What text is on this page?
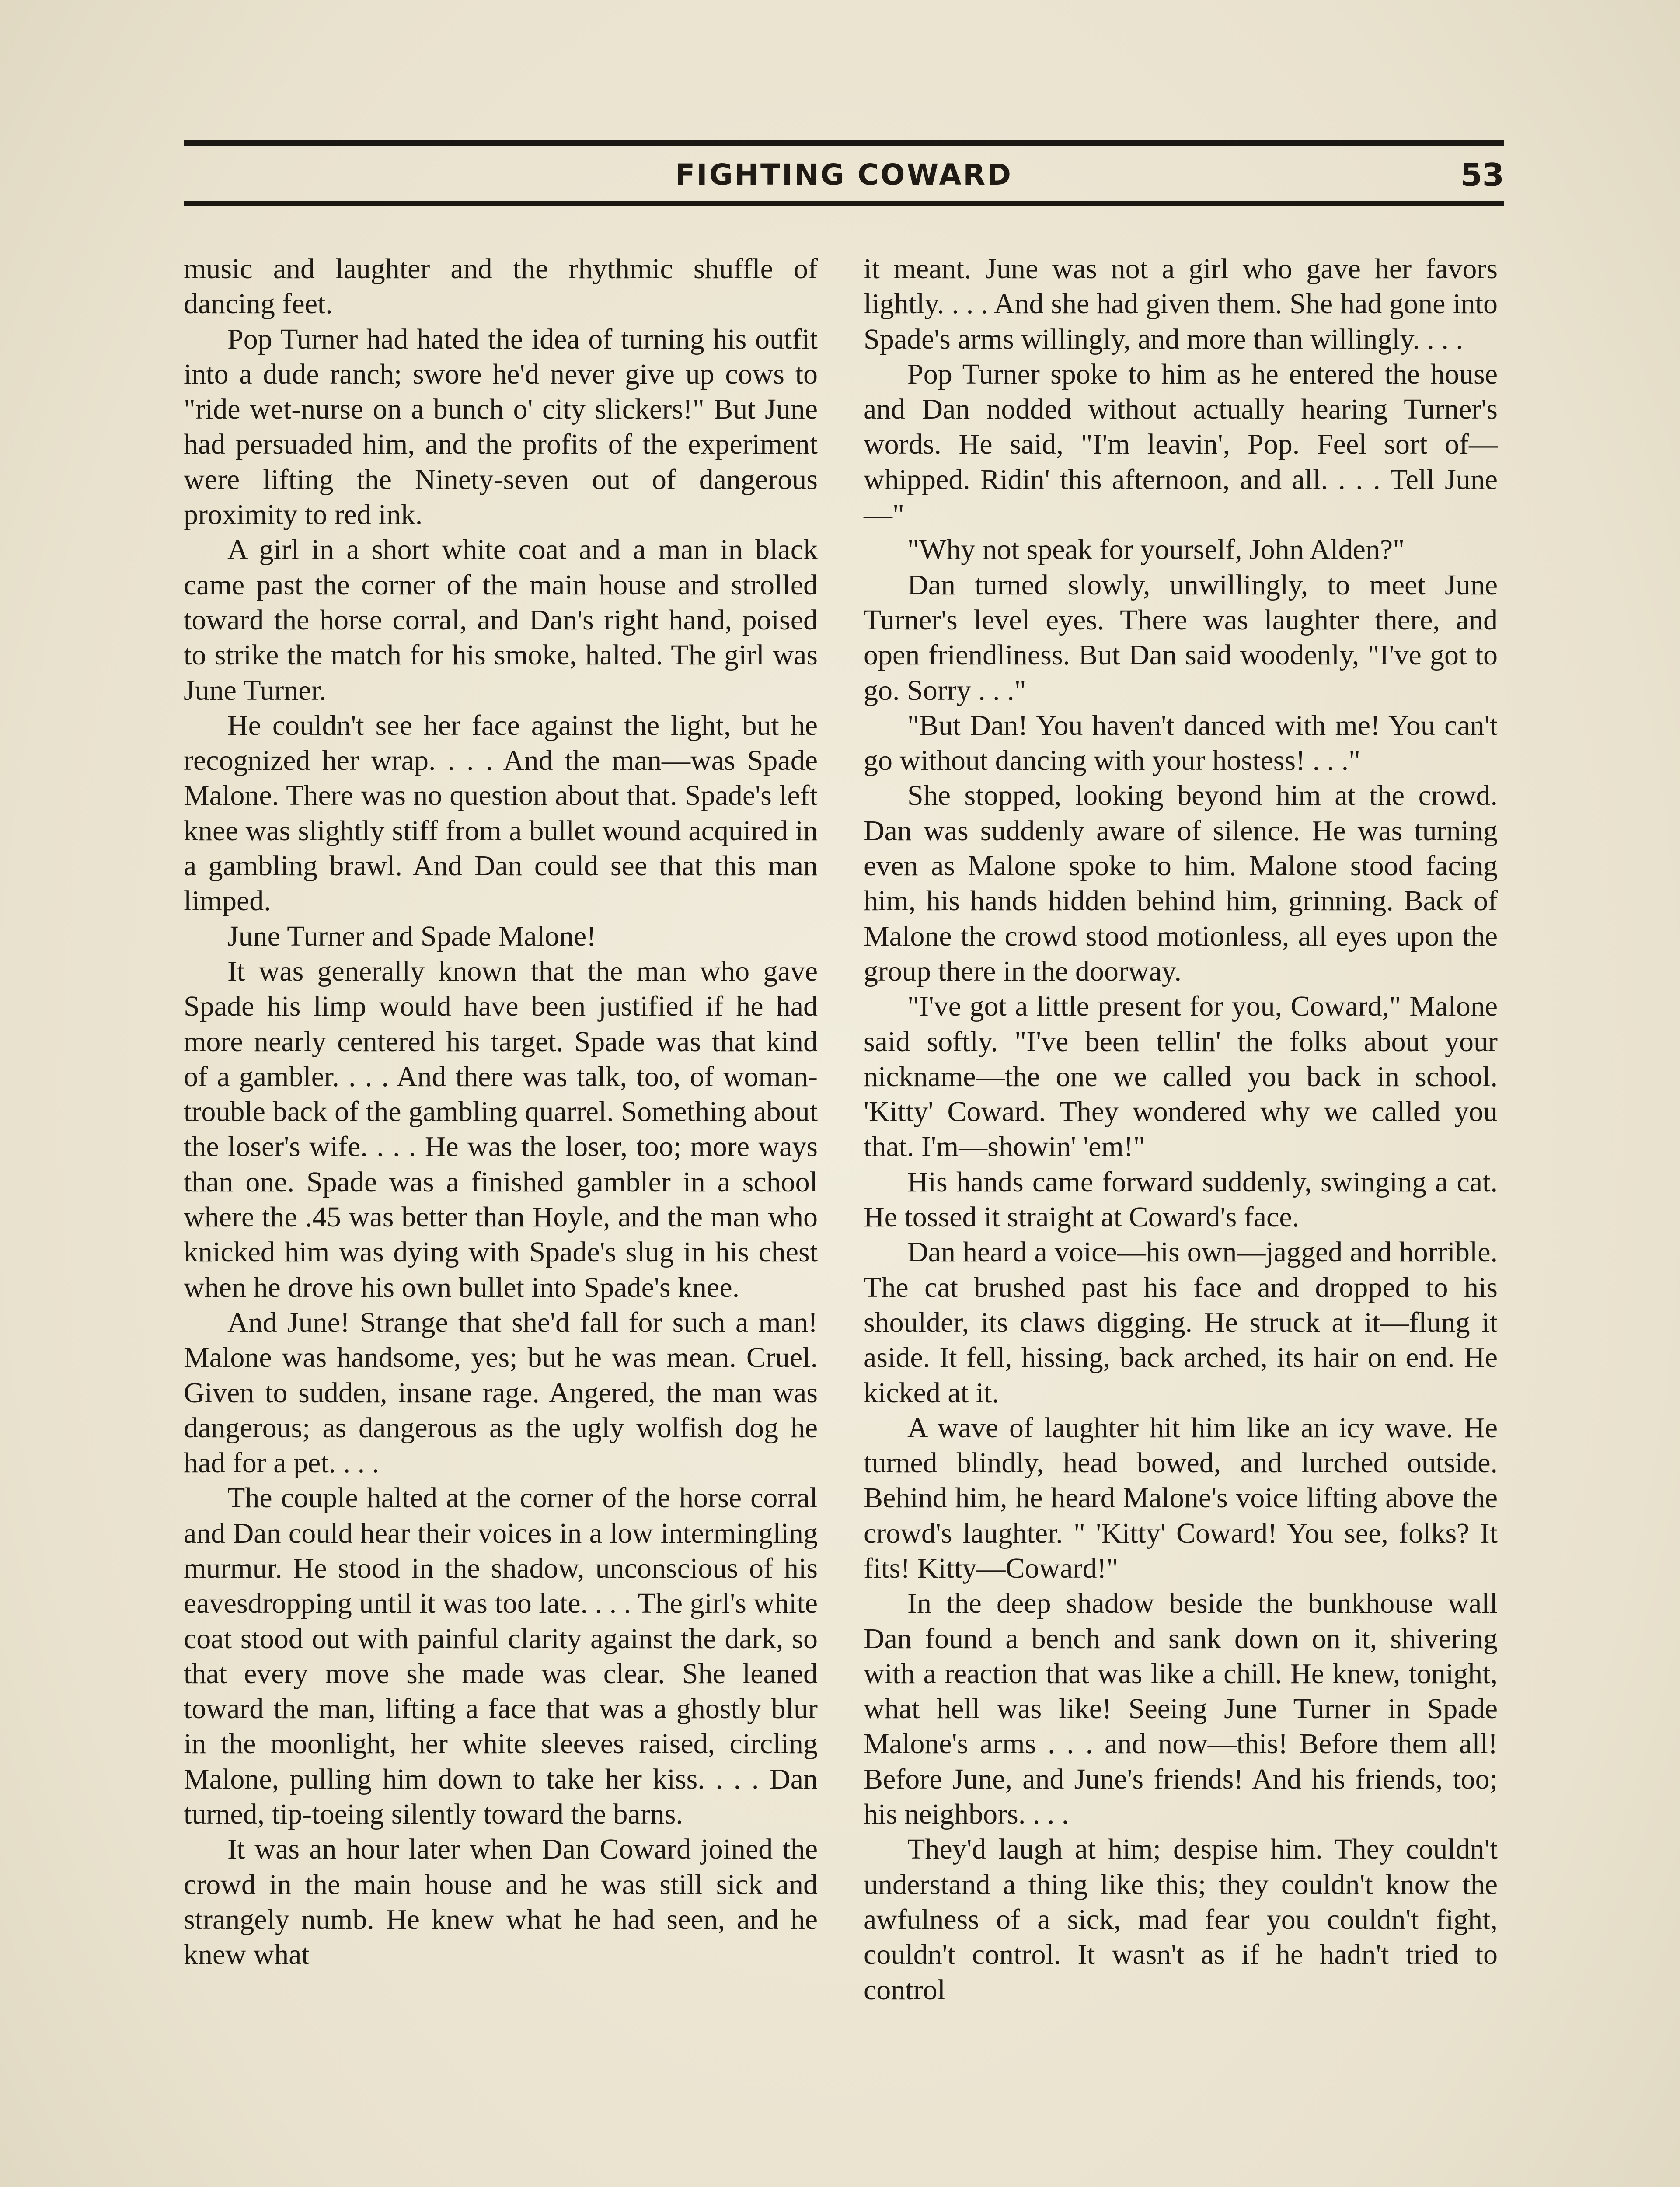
FIGHTING COWARD	53

music and laughter and the rhythmic shuffle of dancing feet.

Pop Turner had hated the idea of turning his outfit into a dude ranch; swore he'd never give up cows to "ride wet-nurse on a bunch o' city slickers!" But June had persuaded him, and the profits of the experiment were lifting the Ninety-seven out of dangerous proximity to red ink.

A girl in a short white coat and a man in black came past the corner of the main house and strolled toward the horse corral, and Dan's right hand, poised to strike the match for his smoke, halted. The girl was June Turner.

He couldn't see her face against the light, but he recognized her wrap. . . . And the man—was Spade Malone. There was no question about that. Spade's left knee was slightly stiff from a bullet wound acquired in a gambling brawl. And Dan could see that this man limped.

June Turner and Spade Malone!

It was generally known that the man who gave Spade his limp would have been justified if he had more nearly centered his target. Spade was that kind of a gambler. . . . And there was talk, too, of woman-trouble back of the gambling quarrel. Something about the loser's wife. . . . He was the loser, too; more ways than one. Spade was a finished gambler in a school where the .45 was better than Hoyle, and the man who knicked him was dying with Spade's slug in his chest when he drove his own bullet into Spade's knee.

And June! Strange that she'd fall for such a man! Malone was handsome, yes; but he was mean. Cruel. Given to sudden, insane rage. Angered, the man was dangerous; as dangerous as the ugly wolfish dog he had for a pet. . . .

The couple halted at the corner of the horse corral and Dan could hear their voices in a low intermingling murmur. He stood in the shadow, unconscious of his eavesdropping until it was too late. . . . The girl's white coat stood out with painful clarity against the dark, so that every move she made was clear. She leaned toward the man, lifting a face that was a ghostly blur in the moonlight, her white sleeves raised, circling Malone, pulling him down to take her kiss. . . . Dan turned, tip-toeing silently toward the barns.

It was an hour later when Dan Coward joined the crowd in the main house and he was still sick and strangely numb. He knew what he had seen, and he knew what

it meant. June was not a girl who gave her favors lightly. . . . And she had given them. She had gone into Spade's arms willingly, and more than willingly. . . .

Pop Turner spoke to him as he entered the house and Dan nodded without actually hearing Turner's words. He said, "I'm leavin', Pop. Feel sort of—whipped. Ridin' this afternoon, and all. . . . Tell June—"

"Why not speak for yourself, John Alden?"

Dan turned slowly, unwillingly, to meet June Turner's level eyes. There was laughter there, and open friendliness. But Dan said woodenly, "I've got to go. Sorry . . ."

"But Dan! You haven't danced with me! You can't go without dancing with your hostess! . . ."

She stopped, looking beyond him at the crowd. Dan was suddenly aware of silence. He was turning even as Malone spoke to him. Malone stood facing him, his hands hidden behind him, grinning. Back of Malone the crowd stood motionless, all eyes upon the group there in the doorway.

"I've got a little present for you, Coward," Malone said softly. "I've been tellin' the folks about your nickname—the one we called you back in school. 'Kitty' Coward. They wondered why we called you that. I'm—showin' 'em!"

His hands came forward suddenly, swinging a cat. He tossed it straight at Coward's face.

Dan heard a voice—his own—jagged and horrible. The cat brushed past his face and dropped to his shoulder, its claws digging. He struck at it—flung it aside. It fell, hissing, back arched, its hair on end. He kicked at it.

A wave of laughter hit him like an icy wave. He turned blindly, head bowed, and lurched outside. Behind him, he heard Malone's voice lifting above the crowd's laughter. " 'Kitty' Coward! You see, folks? It fits! Kitty—Coward!"

In the deep shadow beside the bunkhouse wall Dan found a bench and sank down on it, shivering with a reaction that was like a chill. He knew, tonight, what hell was like! Seeing June Turner in Spade Malone's arms . . . and now—this! Before them all! Before June, and June's friends! And his friends, too; his neighbors. . . .

They'd laugh at him; despise him. They couldn't understand a thing like this; they couldn't know the awfulness of a sick, mad fear you couldn't fight, couldn't control. It wasn't as if he hadn't tried to control
